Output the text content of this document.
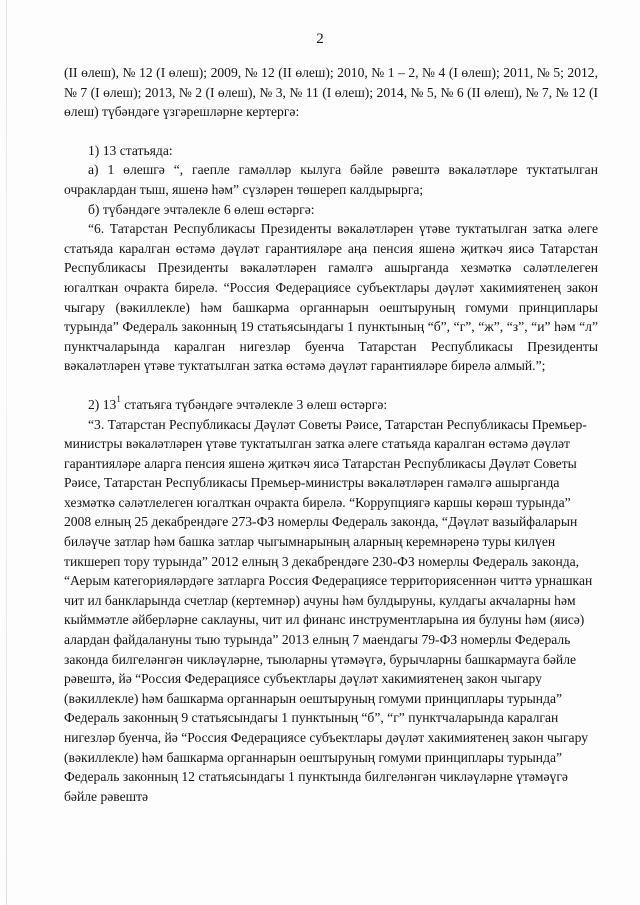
2

(II өлеш), № 12 (I өлеш); 2009, № 12 (II өлеш); 2010, № 1 – 2, № 4 (I өлеш); 2011, № 5; 2012, № 7 (I өлеш); 2013, № 2 (I өлеш), № 3, № 11 (I өлеш); 2014, № 5, № 6 (II өлеш), № 7, № 12 (I өлеш) түбәндәге үзгәрешләрне кертергә:

1) 13 статьяда:

а) 1 өлешгә “, гаепле гамәлләр кылуга бәйле рәвештә вәкаләтләре туктатылган очраклардан тыш, яшенә һәм” сүзләрен төшереп калдырырга;

б) түбәндәге эчтәлекле 6 өлеш өстәргә:

“6. Татарстан Республикасы Президенты вәкаләтләрен үтәве туктатылган затка әлеге статьяда каралган өстәмә дәүләт гарантияләре аңа пенсия яшенә җиткәч яисә Татарстан Республикасы Президенты вәкаләтләрен гамәлгә ашырганда хезмәткә сәләтлелеген югалткан очракта бирелә. “Россия Федерациясе субъектлары дәүләт хакимиятенең закон чыгару (вәкиллекле) һәм башкарма органнарын оештыруның гомуми принциплары турында” Федераль законның 19 статьясындагы 1 пунктының “б”, “г”, “ж”, “з”, “и” һәм “л” пунктчаларында каралган нигезләр буенча Татарстан Республикасы Президенты вәкаләтләрен үтәве туктатылган затка өстәмә дәүләт гарантияләре бирелә алмый.”;

2) $13^1$ статьяга түбәндәге эчтәлекле 3 өлеш өстәргә:

“3. Татарстан Республикасы Дәүләт Советы Рәисе, Татарстан Республикасы Премьер-министры вәкаләтләрен үтәве туктатылган затка әлеге статьяда каралган өстәмә дәүләт гарантияләре аларга пенсия яшенә җиткәч яисә Татарстан Республикасы Дәүләт Советы Рәисе, Татарстан Республикасы Премьер-министры вәкаләтләрен гамәлгә ашырганда хезмәткә сәләтлелеген югалткан очракта бирелә. “Коррупциягә каршы көрәш турында” 2008 елның 25 декабрендәге 273-ФЗ номерлы Федераль законда, “Дәүләт вазыйфаларын биләүче затлар һәм башка затлар чыгымнарының аларның керемнәренә туры килүен тикшереп тору турында” 2012 елның 3 декабрендәге 230-ФЗ номерлы Федераль законда, “Аерым категорияләрдәге затларга Россия Федерациясе территориясеннән читтә урнашкан чит ил банкларында счетлар (кертемнәр) ачуны һәм булдыруны, кулдагы акчаларны һәм кыйммәтле әйберләрне саклауны, чит ил финанс инструментларына ия булуны һәм (яисә) алардан файдалануны тыю турында” 2013 елның 7 маендагы 79-ФЗ номерлы Федераль законда билгеләнгән чикләүләрне, тыюларны үтәмәүгә, бурычларны башкармауга бәйле рәвештә, йә “Россия Федерациясе субъектлары дәүләт хакимиятенең закон чыгару (вәкиллекле) һәм башкарма органнарын оештыруның гомуми принциплары турында” Федераль законның 9 статьясындагы 1 пунктының “б”, “г” пунктчаларында каралган нигезләр буенча, йә “Россия Федерациясе субъектлары дәүләт хакимиятенең закон чыгару (вәкиллекле) һәм башкарма органнарын оештыруның гомуми принциплары турында” Федераль законның 12 статьясындагы 1 пунктында билгеләнгән чикләүләрне үтәмәүгә бәйле рәвештә
